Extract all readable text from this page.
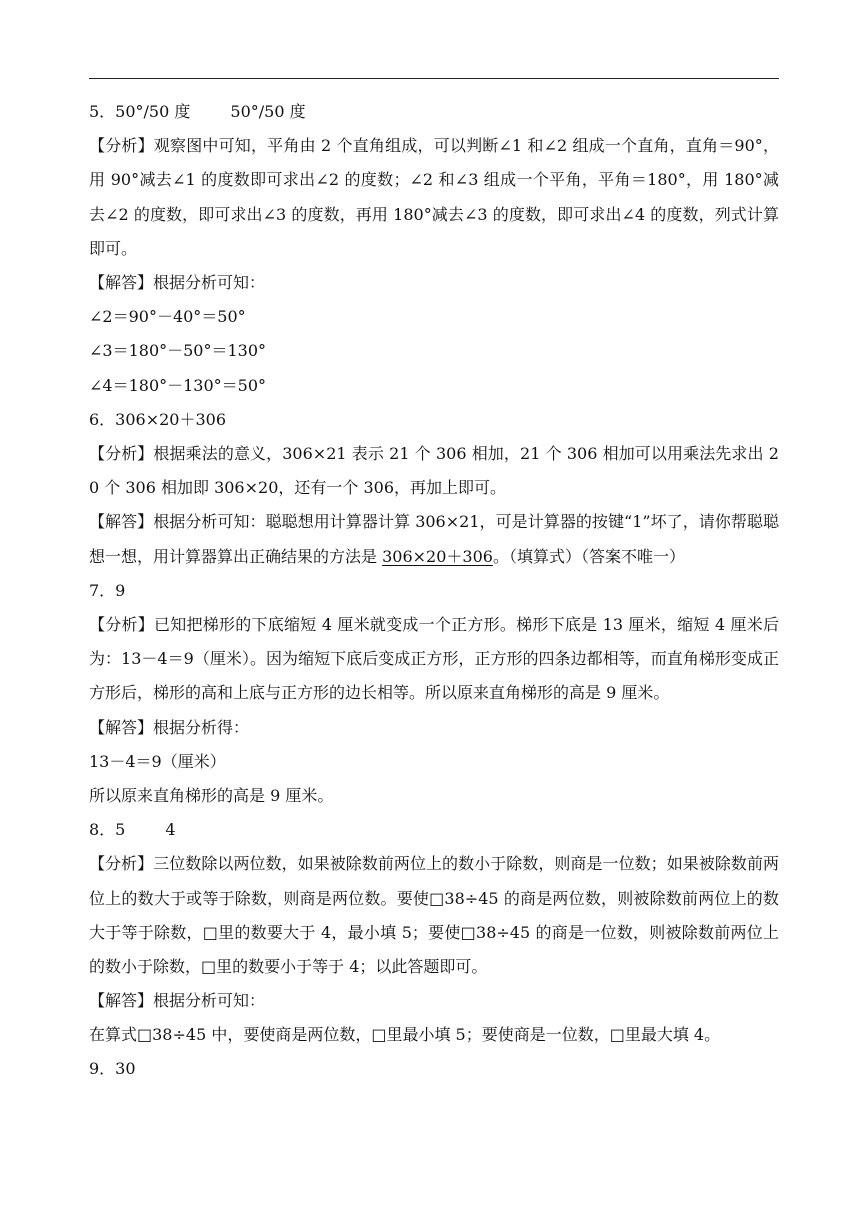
5．50°/50 度	50°/50 度
【分析】观察图中可知，平角由 2 个直角组成，可以判断∠1 和∠2 组成一个直角，直角＝90°，用 90°减去∠1 的度数即可求出∠2 的度数；∠2 和∠3 组成一个平角，平角＝180°，用 180°减去∠2 的度数，即可求出∠3 的度数，再用 180°减去∠3 的度数，即可求出∠4 的度数，列式计算即可。
【解答】根据分析可知：
∠2＝90°－40°＝50°
∠3＝180°－50°＝130°
∠4＝180°－130°＝50°
6．306×20＋306
【分析】根据乘法的意义，306×21 表示 21 个 306 相加，21 个 306 相加可以用乘法先求出 20 个 306 相加即 306×20，还有一个 306，再加上即可。
【解答】根据分析可知：聪聪想用计算器计算 306×21，可是计算器的按键“1”坏了，请你帮聪聪想一想，用计算器算出正确结果的方法是 306×20＋306。（填算式）（答案不唯一）
7．9
【分析】已知把梯形的下底缩短 4 厘米就变成一个正方形。梯形下底是 13 厘米，缩短 4 厘米后为：13－4＝9（厘米）。因为缩短下底后变成正方形，正方形的四条边都相等，而直角梯形变成正方形后，梯形的高和上底与正方形的边长相等。所以原来直角梯形的高是 9 厘米。
【解答】根据分析得：
13－4＝9（厘米）
所以原来直角梯形的高是 9 厘米。
8．5	4
【分析】三位数除以两位数，如果被除数前两位上的数小于除数，则商是一位数；如果被除数前两位上的数大于或等于除数，则商是两位数。要使□38÷45 的商是两位数，则被除数前两位上的数大于等于除数，□里的数要大于 4，最小填 5；要使□38÷45 的商是一位数，则被除数前两位上的数小于除数，□里的数要小于等于 4；以此答题即可。
【解答】根据分析可知：
在算式□38÷45 中，要使商是两位数，□里最小填 5；要使商是一位数，□里最大填 4。
9．30
